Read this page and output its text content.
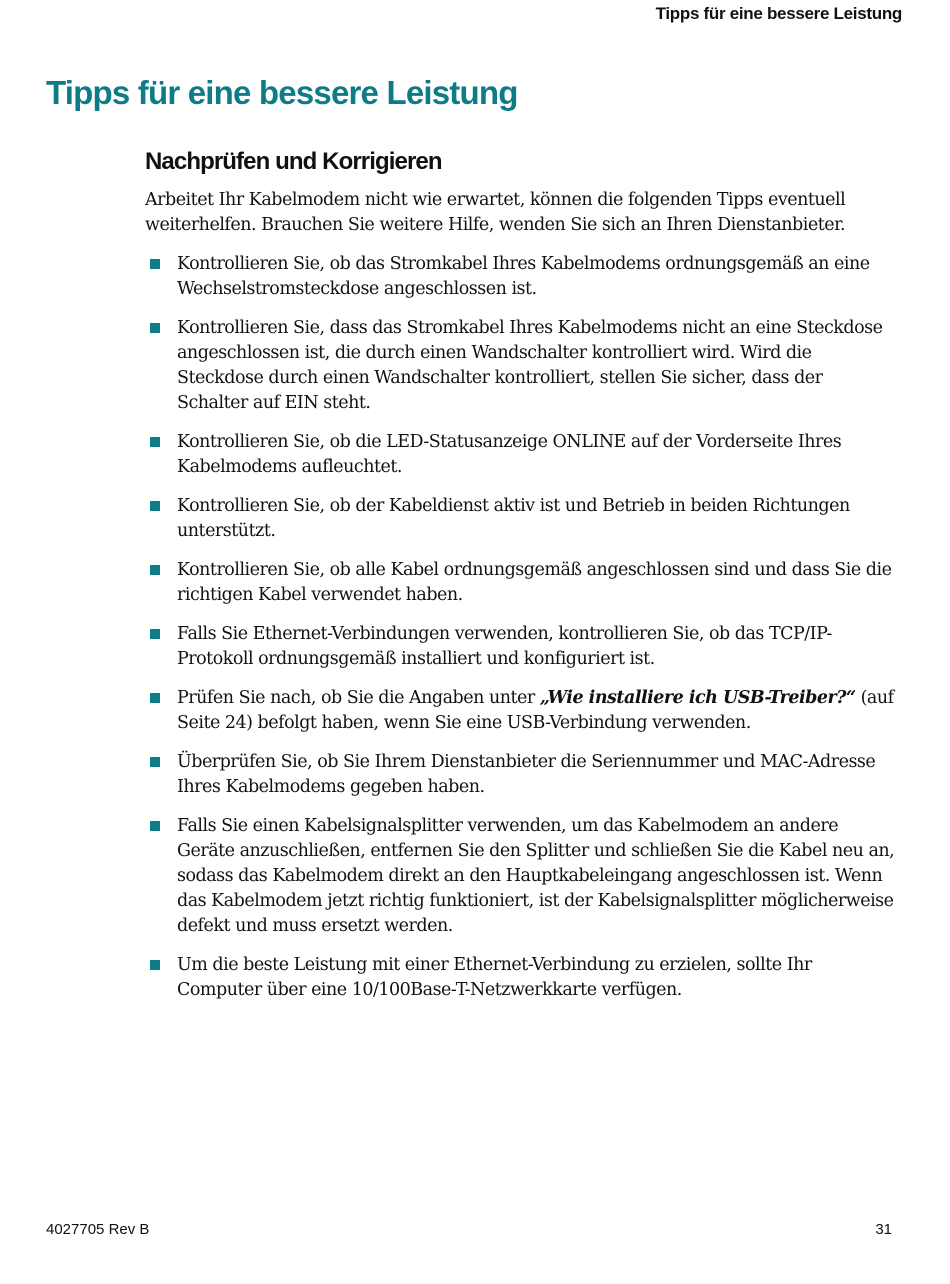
Tipps für eine bessere Leistung
Tipps für eine bessere Leistung
Nachprüfen und Korrigieren

Arbeitet Ihr Kabelmodem nicht wie erwartet, können die folgenden Tipps eventuell weiterhelfen. Brauchen Sie weitere Hilfe, wenden Sie sich an Ihren Dienstanbieter.

Kontrollieren Sie, ob das Stromkabel Ihres Kabelmodems ordnungsgemäß an eine Wechselstromsteckdose angeschlossen ist.
Kontrollieren Sie, dass das Stromkabel Ihres Kabelmodems nicht an eine Steckdose angeschlossen ist, die durch einen Wandschalter kontrolliert wird. Wird die Steckdose durch einen Wandschalter kontrolliert, stellen Sie sicher, dass der Schalter auf EIN steht.
Kontrollieren Sie, ob die LED-Statusanzeige ONLINE auf der Vorderseite Ihres Kabelmodems aufleuchtet.
Kontrollieren Sie, ob der Kabeldienst aktiv ist und Betrieb in beiden Richtungen unterstützt.
Kontrollieren Sie, ob alle Kabel ordnungsgemäß angeschlossen sind und dass Sie die richtigen Kabel verwendet haben.
Falls Sie Ethernet-Verbindungen verwenden, kontrollieren Sie, ob das TCP/IP-Protokoll ordnungsgemäß installiert und konfiguriert ist.
Prüfen Sie nach, ob Sie die Angaben unter „Wie installiere ich USB-Treiber?“ (auf Seite 24) befolgt haben, wenn Sie eine USB-Verbindung verwenden.
Überprüfen Sie, ob Sie Ihrem Dienstanbieter die Seriennummer und MAC-Adresse Ihres Kabelmodems gegeben haben.
Falls Sie einen Kabelsignalsplitter verwenden, um das Kabelmodem an andere Geräte anzuschließen, entfernen Sie den Splitter und schließen Sie die Kabel neu an, sodass das Kabelmodem direkt an den Hauptkabeleingang angeschlossen ist. Wenn das Kabelmodem jetzt richtig funktioniert, ist der Kabelsignalsplitter möglicherweise defekt und muss ersetzt werden.
Um die beste Leistung mit einer Ethernet-Verbindung zu erzielen, sollte Ihr Computer über eine 10/100Base-T-Netzwerkkarte verfügen.
4027705 Rev B	31
